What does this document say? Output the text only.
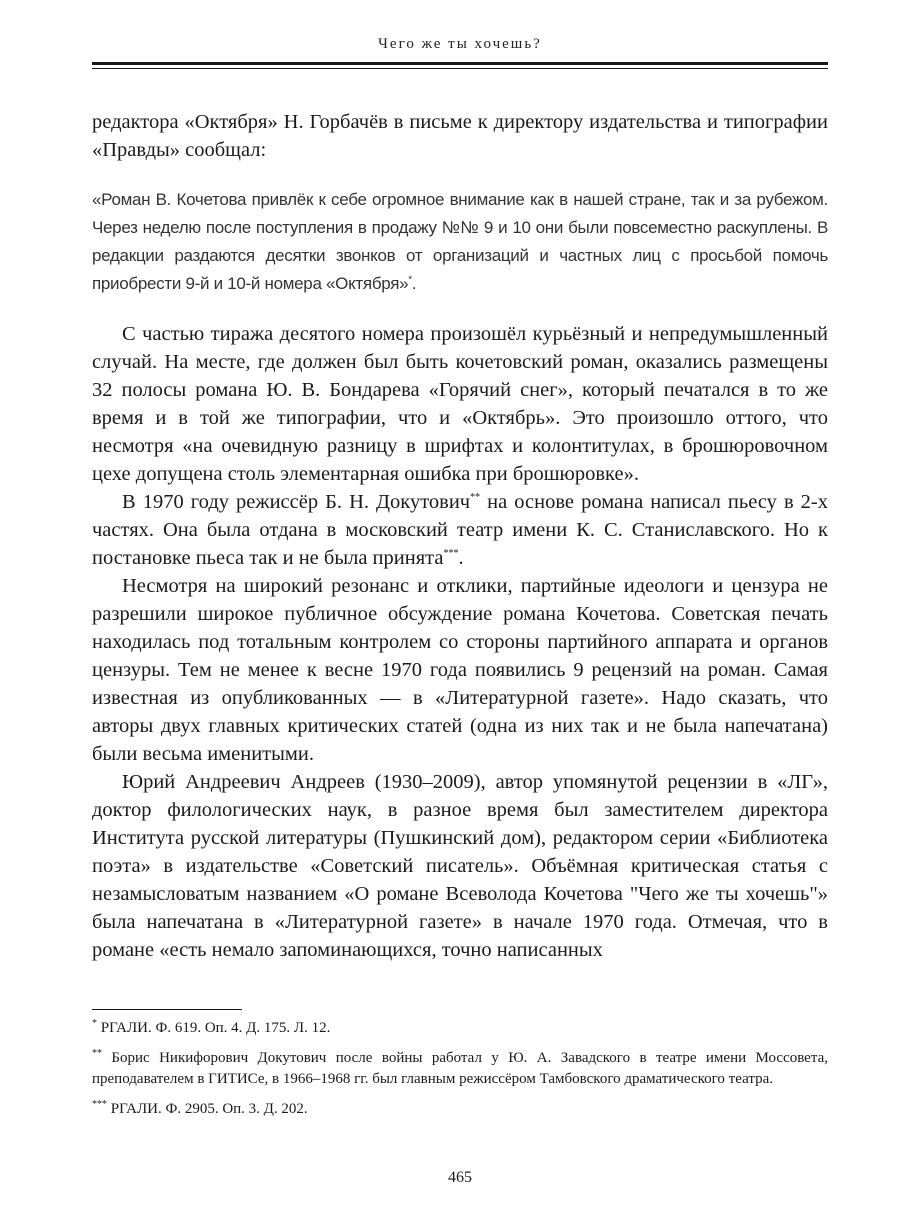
Чего же ты хочешь?

редактора «Октября» Н. Горбачёв в письме к директору издательства и типографии «Правды» сообщал:

«Роман В. Кочетова привлёк к себе огромное внимание как в нашей стране, так и за рубежом. Через неделю после поступления в продажу №№ 9 и 10 они были повсеместно раскуплены. В редакции раздаются десятки звонков от организаций и частных лиц с просьбой помочь приобрести 9-й и 10-й номера «Октября»*.

С частью тиража десятого номера произошёл курьёзный и непредумышленный случай. На месте, где должен был быть кочетовский роман, оказались размещены 32 полосы романа Ю. В. Бондарева «Горячий снег», который печатался в то же время и в той же типографии, что и «Октябрь». Это произошло оттого, что несмотря «на очевидную разницу в шрифтах и колонтитулах, в брошюровочном цехе допущена столь элементарная ошибка при брошюровке».

В 1970 году режиссёр Б. Н. Докутович** на основе романа написал пьесу в 2-х частях. Она была отдана в московский театр имени К. С. Станиславского. Но к постановке пьеса так и не была принята***.

Несмотря на широкий резонанс и отклики, партийные идеологи и цензура не разрешили широкое публичное обсуждение романа Кочетова. Советская печать находилась под тотальным контролем со стороны партийного аппарата и органов цензуры. Тем не менее к весне 1970 года появились 9 рецензий на роман. Самая известная из опубликованных — в «Литературной газете». Надо сказать, что авторы двух главных критических статей (одна из них так и не была напечатана) были весьма именитыми.

Юрий Андреевич Андреев (1930–2009), автор упомянутой рецензии в «ЛГ», доктор филологических наук, в разное время был заместителем директора Института русской литературы (Пушкинский дом), редактором серии «Библиотека поэта» в издательстве «Советский писатель». Объёмная критическая статья с незамысловатым названием «О романе Всеволода Кочетова "Чего же ты хочешь"» была напечатана в «Литературной газете» в начале 1970 года. Отмечая, что в романе «есть немало запоминающихся, точно написанных

* РГАЛИ. Ф. 619. Оп. 4. Д. 175. Л. 12.

** Борис Никифорович Докутович после войны работал у Ю. А. Завадского в театре имени Моссовета, преподавателем в ГИТИСе, в 1966–1968 гг. был главным режиссёром Тамбовского драматического театра.

*** РГАЛИ. Ф. 2905. Оп. 3. Д. 202.

465
